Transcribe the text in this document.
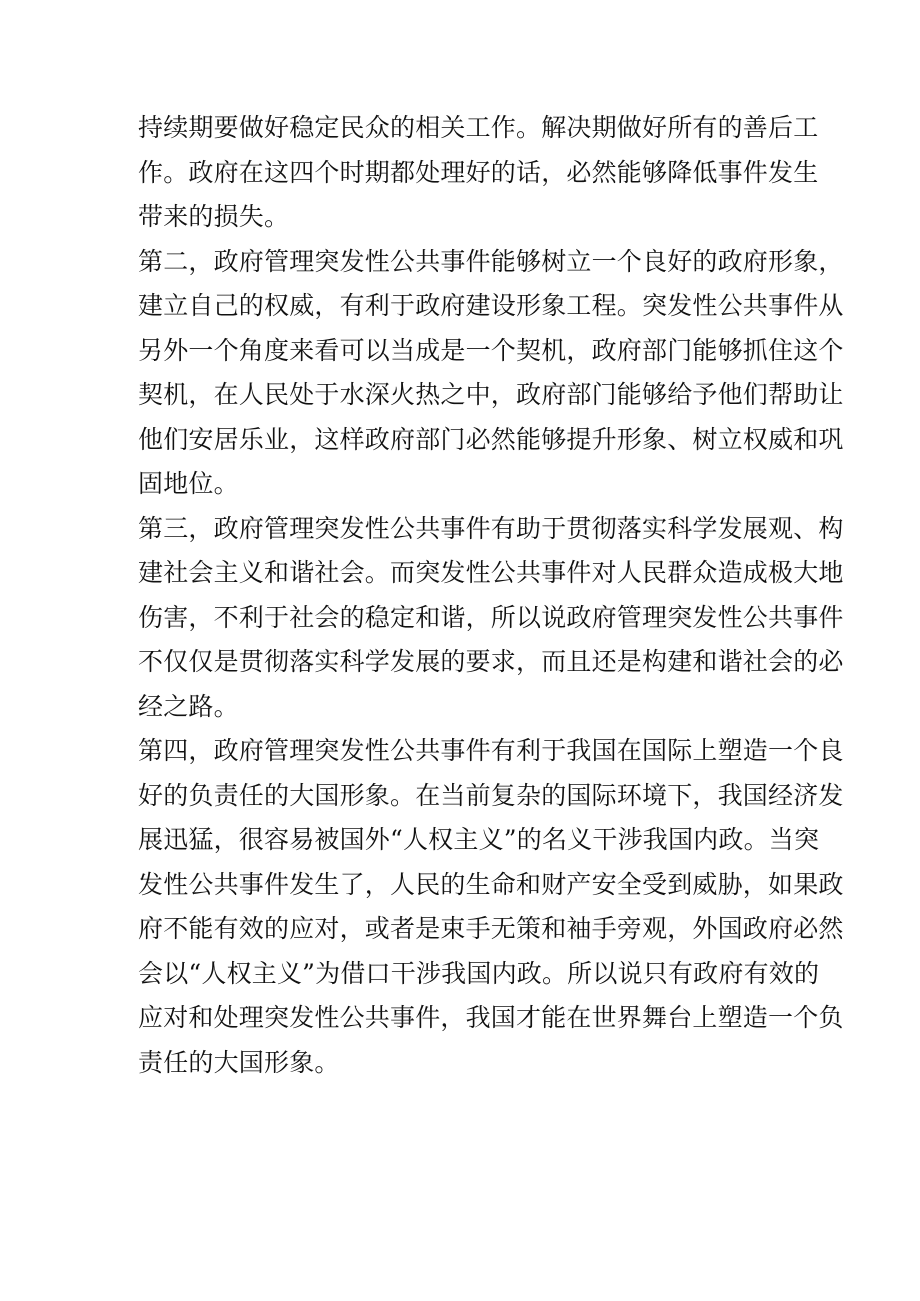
持续期要做好稳定民众的相关工作。解决期做好所有的善后工
作。政府在这四个时期都处理好的话，必然能够降低事件发生
带来的损失。
第二，政府管理突发性公共事件能够树立一个良好的政府形象，
建立自己的权威，有利于政府建设形象工程。突发性公共事件从
另外一个角度来看可以当成是一个契机，政府部门能够抓住这个
契机，在人民处于水深火热之中，政府部门能够给予他们帮助让
他们安居乐业，这样政府部门必然能够提升形象、树立权威和巩
固地位。
第三，政府管理突发性公共事件有助于贯彻落实科学发展观、构
建社会主义和谐社会。而突发性公共事件对人民群众造成极大地
伤害，不利于社会的稳定和谐，所以说政府管理突发性公共事件
不仅仅是贯彻落实科学发展的要求，而且还是构建和谐社会的必
经之路。
第四，政府管理突发性公共事件有利于我国在国际上塑造一个良
好的负责任的大国形象。在当前复杂的国际环境下，我国经济发
展迅猛，很容易被国外“人权主义”的名义干涉我国内政。当突
发性公共事件发生了，人民的生命和财产安全受到威胁，如果政
府不能有效的应对，或者是束手无策和袖手旁观，外国政府必然
会以“人权主义”为借口干涉我国内政。所以说只有政府有效的
应对和处理突发性公共事件，我国才能在世界舞台上塑造一个负
责任的大国形象。
